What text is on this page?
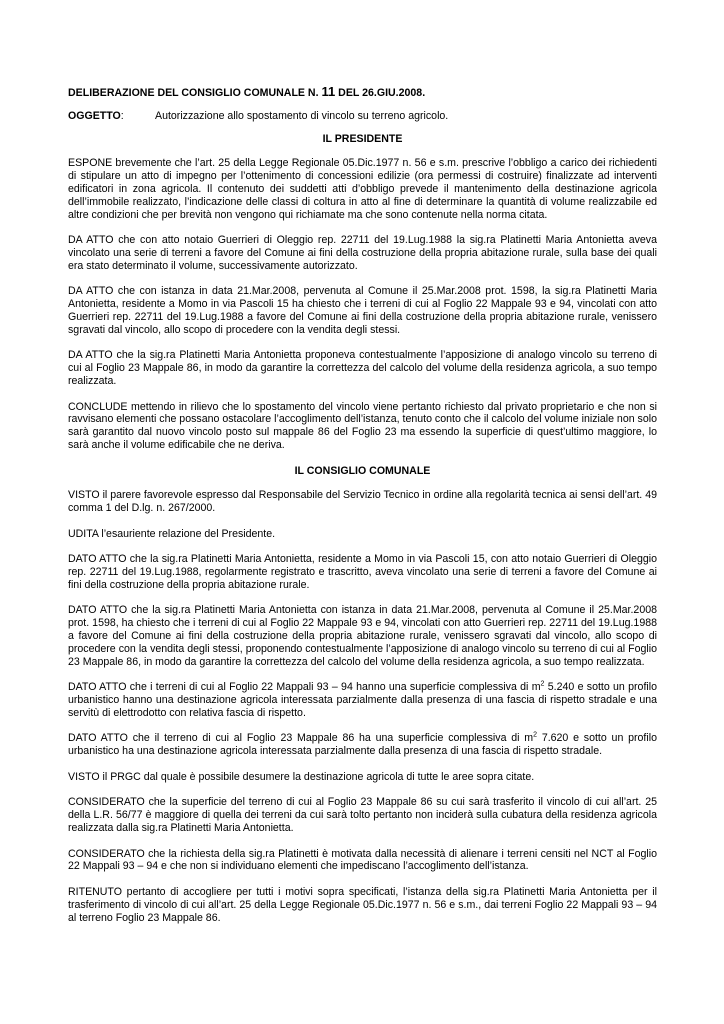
DELIBERAZIONE DEL CONSIGLIO COMUNALE N. 11 DEL 26.GIU.2008.
OGGETTO:	Autorizzazione allo spostamento di vincolo su terreno agricolo.
IL PRESIDENTE

ESPONE brevemente che l’art. 25 della Legge Regionale 05.Dic.1977 n. 56 e s.m. prescrive l’obbligo a carico dei richiedenti di stipulare un atto di impegno per l’ottenimento di concessioni edilizie (ora permessi di costruire) finalizzate ad interventi edificatori in zona agricola. Il contenuto dei suddetti atti d’obbligo prevede il mantenimento della destinazione agricola dell’immobile realizzato, l’indicazione delle classi di coltura in atto al fine di determinare la quantità di volume realizzabile ed altre condizioni che per brevità non vengono qui richiamate ma che sono contenute nella norma citata.

DA ATTO che con atto notaio Guerrieri di Oleggio rep. 22711 del 19.Lug.1988 la sig.ra Platinetti Maria Antonietta aveva vincolato una serie di terreni a favore del Comune ai fini della costruzione della propria abitazione rurale, sulla base dei quali era stato determinato il volume, successivamente autorizzato.

DA ATTO che con istanza in data 21.Mar.2008, pervenuta al Comune il 25.Mar.2008 prot. 1598, la sig.ra Platinetti Maria Antonietta, residente a Momo in via Pascoli 15 ha chiesto che i terreni di cui al Foglio 22 Mappale 93 e 94, vincolati con atto Guerrieri rep. 22711 del 19.Lug.1988 a favore del Comune ai fini della costruzione della propria abitazione rurale, venissero sgravati dal vincolo, allo scopo di procedere con la vendita degli stessi.

DA ATTO che la sig.ra Platinetti Maria Antonietta proponeva contestualmente l’apposizione di analogo vincolo su terreno di cui al Foglio 23 Mappale 86, in modo da garantire la correttezza del calcolo del volume della residenza agricola, a suo tempo realizzata.

CONCLUDE mettendo in rilievo che lo spostamento del vincolo viene pertanto richiesto dal privato proprietario e che non si ravvisano elementi che possano ostacolare l’accoglimento dell’istanza, tenuto conto che il calcolo del volume iniziale non solo sarà garantito dal nuovo vincolo posto sul mappale 86 del Foglio 23 ma essendo la superficie di quest’ultimo maggiore, lo sarà anche il volume edificabile che ne deriva.

IL CONSIGLIO COMUNALE

VISTO il parere favorevole espresso dal Responsabile del Servizio Tecnico in ordine alla regolarità tecnica ai sensi dell’art. 49 comma 1 del D.lg. n. 267/2000.

UDITA l’esauriente relazione del Presidente.

DATO ATTO che la sig.ra Platinetti Maria Antonietta, residente a Momo in via Pascoli 15, con atto notaio Guerrieri di Oleggio rep. 22711 del 19.Lug.1988, regolarmente registrato e trascritto, aveva vincolato una serie di terreni a favore del Comune ai fini della costruzione della propria abitazione rurale.

DATO ATTO che la sig.ra Platinetti Maria Antonietta con istanza in data 21.Mar.2008, pervenuta al Comune il 25.Mar.2008 prot. 1598, ha chiesto che i terreni di cui al Foglio 22 Mappale 93 e 94, vincolati con atto Guerrieri rep. 22711 del 19.Lug.1988 a favore del Comune ai fini della costruzione della propria abitazione rurale, venissero sgravati dal vincolo, allo scopo di procedere con la vendita degli stessi, proponendo contestualmente l’apposizione di analogo vincolo su terreno di cui al Foglio 23 Mappale 86, in modo da garantire la correttezza del calcolo del volume della residenza agricola, a suo tempo realizzata.

DATO ATTO che i terreni di cui al Foglio 22 Mappali 93 – 94 hanno una superficie complessiva di $m^2$ 5.240 e sotto un profilo urbanistico hanno una destinazione agricola interessata parzialmente dalla presenza di una fascia di rispetto stradale e una servitù di elettrodotto con relativa fascia di rispetto.

DATO ATTO che il terreno di cui al Foglio 23 Mappale 86 ha una superficie complessiva di $m^2$ 7.620 e sotto un profilo urbanistico ha una destinazione agricola interessata parzialmente dalla presenza di una fascia di rispetto stradale.

VISTO il PRGC dal quale è possibile desumere la destinazione agricola di tutte le aree sopra citate.

CONSIDERATO che la superficie del terreno di cui al Foglio 23 Mappale 86 su cui sarà trasferito il vincolo di cui all’art. 25 della L.R. 56/77 è maggiore di quella dei terreni da cui sarà tolto pertanto non inciderà sulla cubatura della residenza agricola realizzata dalla sig.ra Platinetti Maria Antonietta.

CONSIDERATO che la richiesta della sig.ra Platinetti è motivata dalla necessità di alienare i terreni censiti nel NCT al Foglio 22 Mappali 93 – 94 e che non si individuano elementi che impediscano l’accoglimento dell’istanza.

RITENUTO pertanto di accogliere per tutti i motivi sopra specificati, l’istanza della sig.ra Platinetti Maria Antonietta per il trasferimento di vincolo di cui all’art. 25 della Legge Regionale 05.Dic.1977 n. 56 e s.m., dai terreni Foglio 22 Mappali 93 – 94 al terreno Foglio 23 Mappale 86.
